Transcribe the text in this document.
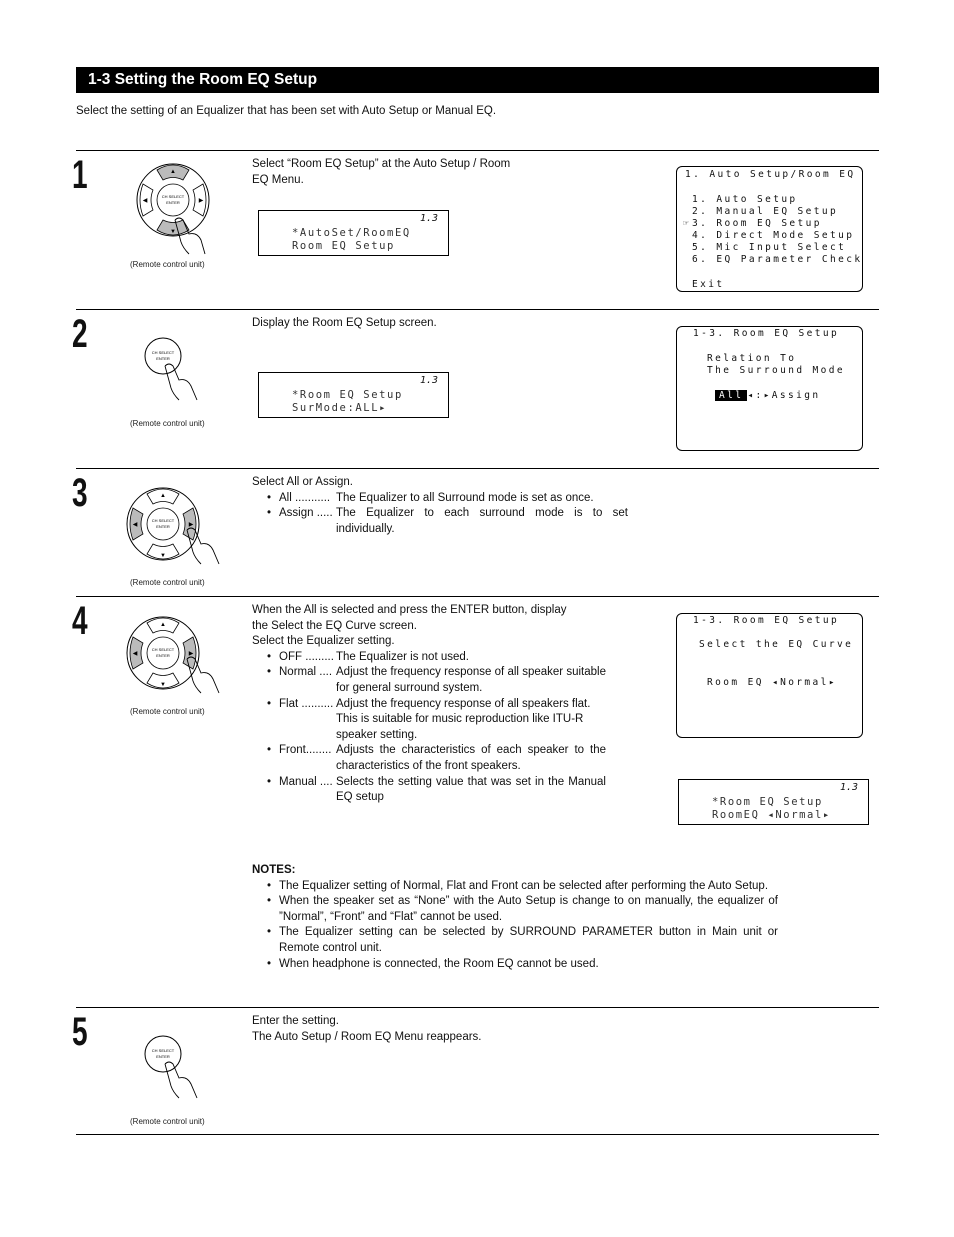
1-3 Setting the Room EQ Setup
Select the setting of an Equalizer that has been set with Auto Setup or Manual EQ.
1	CH SELECT
ENTER
▲
▼
◀	▶
(Remote control unit)
Select “Room EQ Setup” at the Auto Setup / Room
EQ Menu.
1.3
*AutoSet/RoomEQ
Room EQ Setup
1. Auto Setup/Room EQ
1. Auto Setup
2. Manual EQ Setup
☞ 3. Room EQ Setup
4. Direct Mode Setup
5. Mic Input Select
6. EQ Parameter Check
Exit
2	CH SELECT
ENTER
(Remote control unit)
Display the Room EQ Setup screen.
1.3
*Room EQ Setup
SurMode:ALL▸
1-3. Room EQ Setup
Relation To
The Surround Mode
All ◂:▸Assign
3
CH SELECT
ENTER
▲
▼
◀	▶
(Remote control unit)
Select All or Assign.
• All ........... The Equalizer to all Surround mode is set as once.
• Assign ..... The Equalizer to each surround mode is to set individually.
4
CH SELECT
ENTER
▲
▼
◀	▶
(Remote control unit)
When the All is selected and press the ENTER button, display
the Select the EQ Curve screen.
Select the Equalizer setting.
• OFF ......... The Equalizer is not used.
• Normal .... Adjust the frequency response of all speaker suitable for general surround system.
• Flat .......... Adjust the frequency response of all speakers flat.
This is suitable for music reproduction like ITU-R speaker setting.
• Front........ Adjusts the characteristics of each speaker to the characteristics of the front speakers.
• Manual .... Selects the setting value that was set in the Manual EQ setup
1-3. Room EQ Setup
Select the EQ Curve
Room EQ ◂Normal▸
1.3
*Room EQ Setup
RoomEQ ◂Normal▸
NOTES:
• The Equalizer setting of Normal, Flat and Front can be selected after performing the Auto Setup.
• When the speaker set as “None” with the Auto Setup is change to on manually, the equalizer of ”Normal”, “Front” and “Flat” cannot be used.
• The Equalizer setting can be selected by SURROUND PARAMETER button in Main unit or Remote control unit.
• When headphone is connected, the Room EQ cannot be used.
5	CH SELECT
ENTER
(Remote control unit)
Enter the setting.
The Auto Setup / Room EQ Menu reappears.
